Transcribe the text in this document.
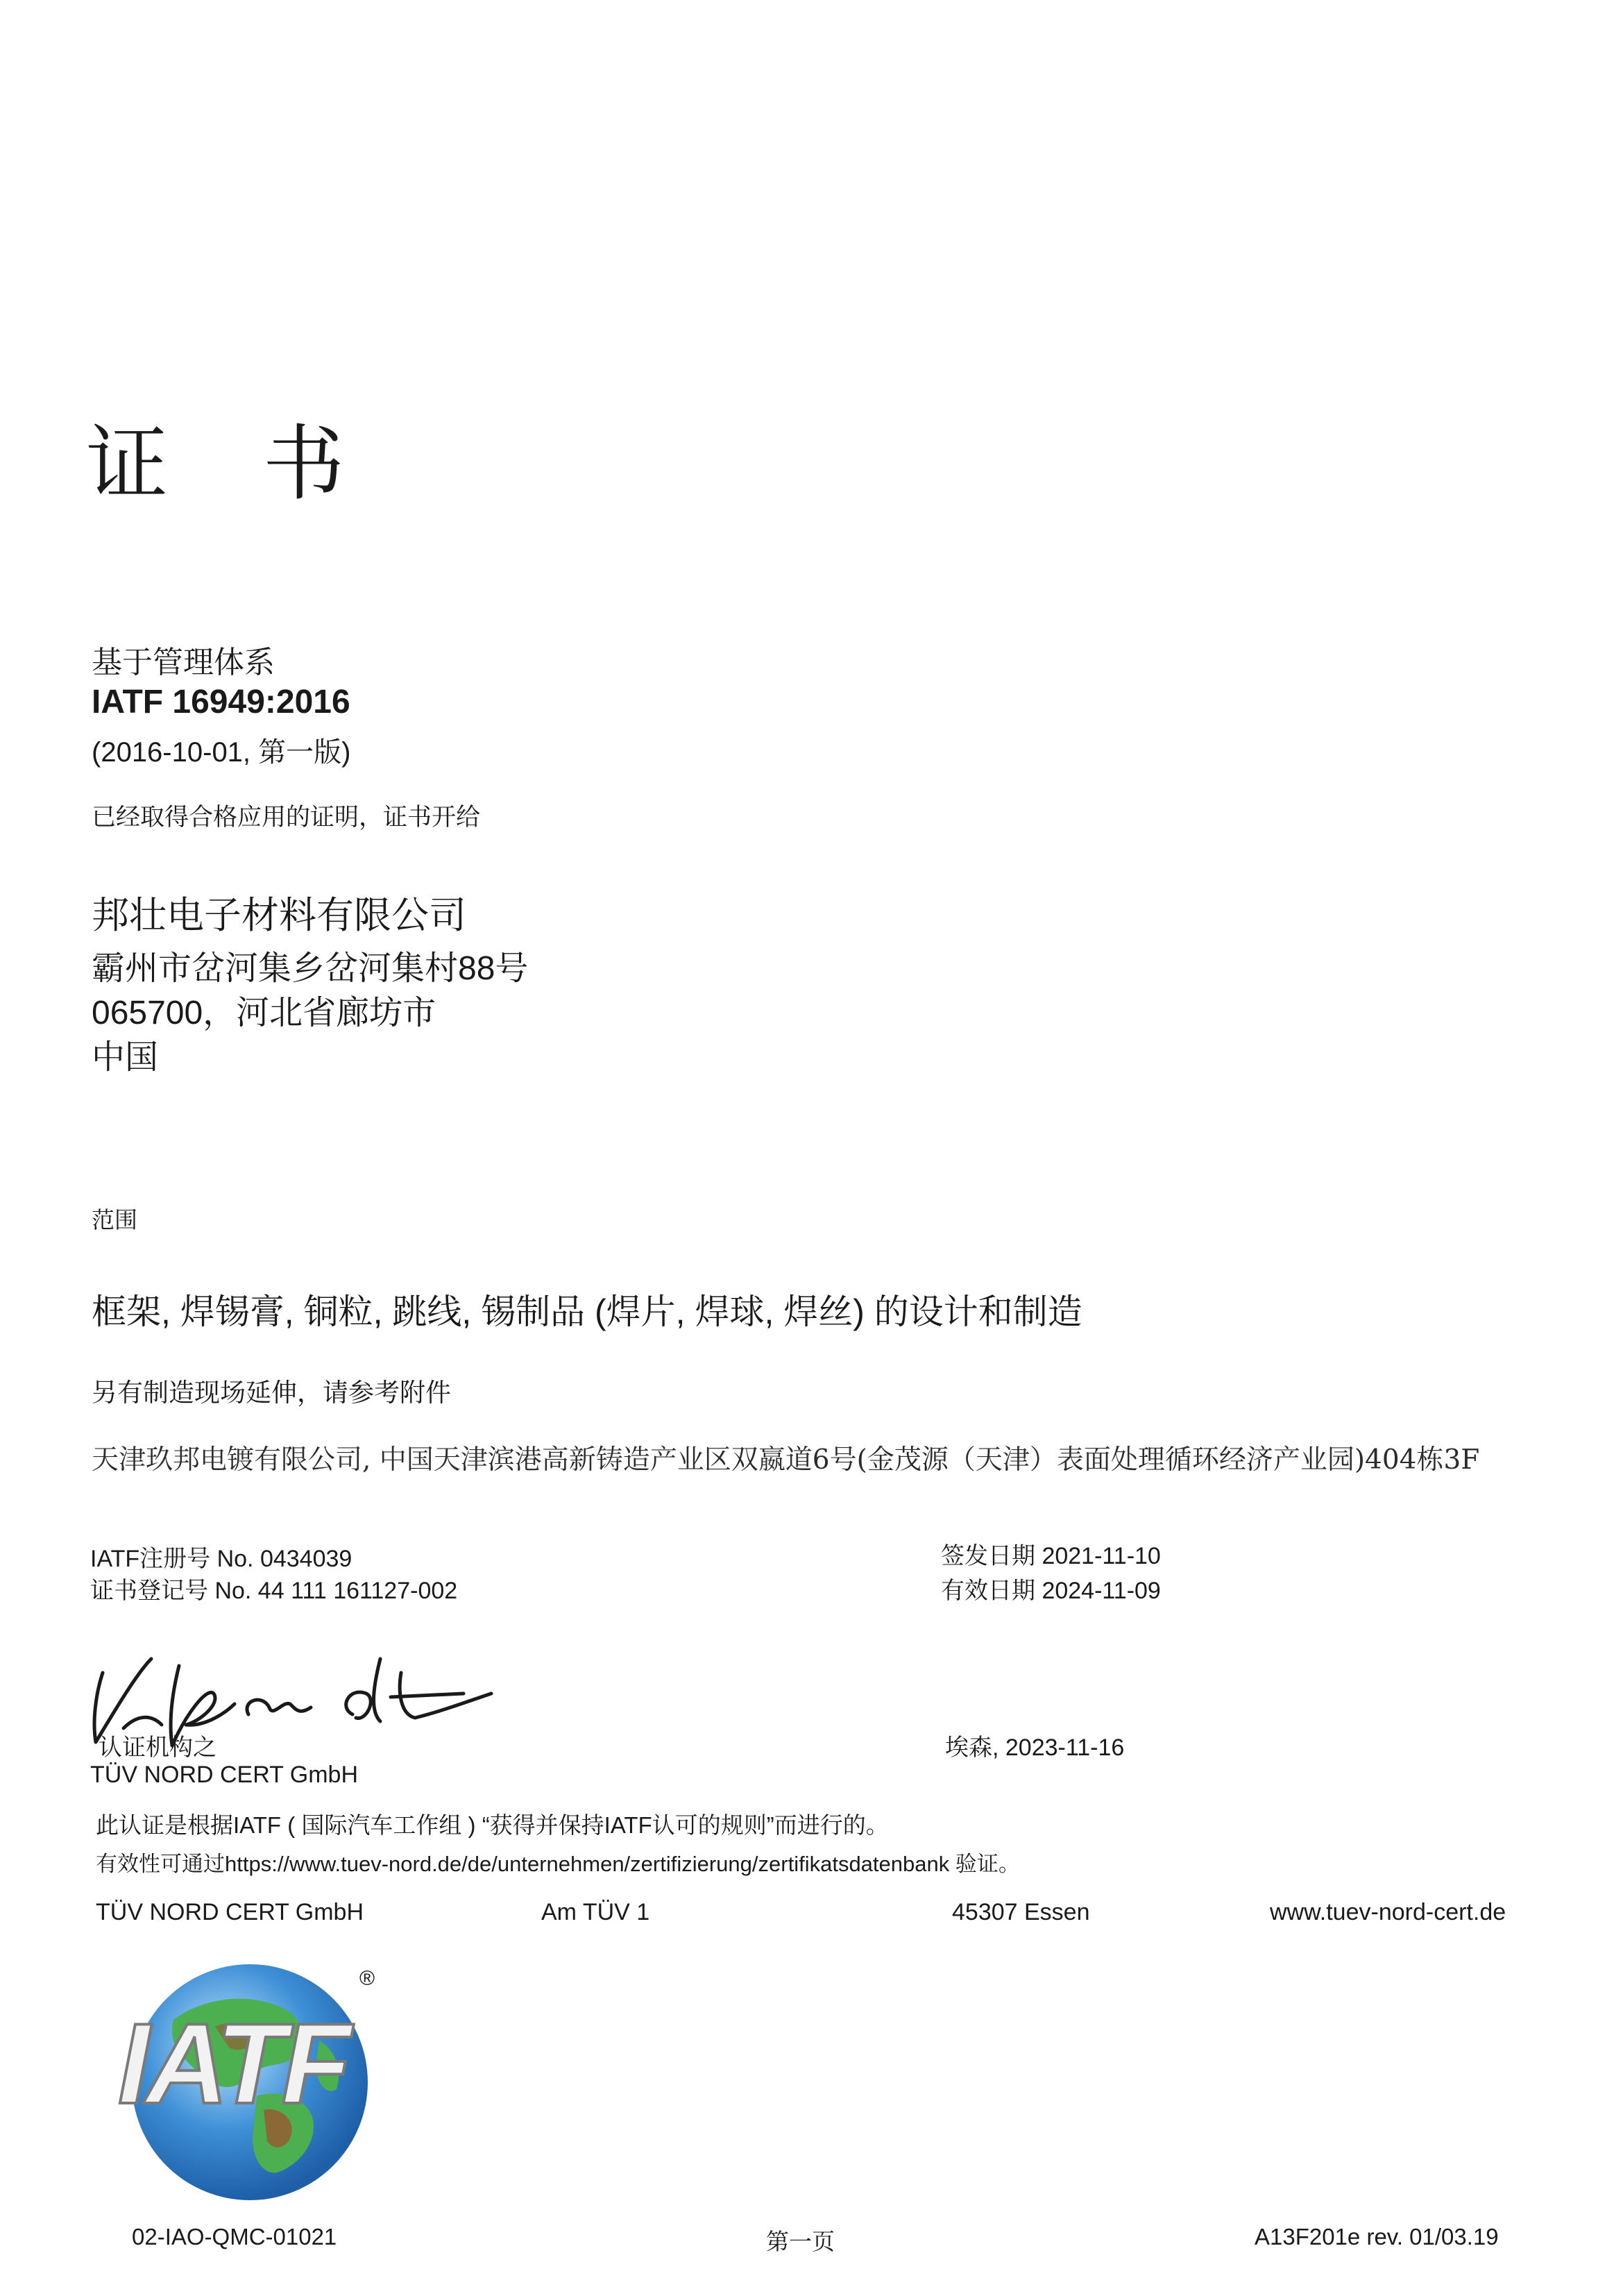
证 书
基于管理体系
IATF 16949:2016
(2016-10-01, 第一版)
已经取得合格应用的证明，证书开给
邦壮电子材料有限公司
霸州市岔河集乡岔河集村88号
065700，河北省廊坊市
中国
范围
框架, 焊锡膏, 铜粒, 跳线, 锡制品 (焊片, 焊球, 焊丝) 的设计和制造
另有制造现场延伸，请参考附件
天津玖邦电镀有限公司, 中国天津滨港高新铸造产业区双嬴道6号(金茂源（天津）表面处理循环经济产业园)404栋3F
IATF注册号 No. 0434039
证书登记号 No. 44 111 161127-002
签发日期 2021-11-10
有效日期 2024-11-09
认证机构之
TÜV NORD CERT GmbH
埃森, 2023-11-16
此认证是根据IATF ( 国际汽车工作组 ) “获得并保持IATF认可的规则”而进行的。
有效性可通过https://www.tuev-nord.de/de/unternehmen/zertifizierung/zertifikatsdatenbank 验证。
TÜV NORD CERT GmbH	Am TÜV 1	45307 Essen	www.tuev-nord-cert.de
IATF
®
02-IAO-QMC-01021	第一页	A13F201e rev. 01/03.19
